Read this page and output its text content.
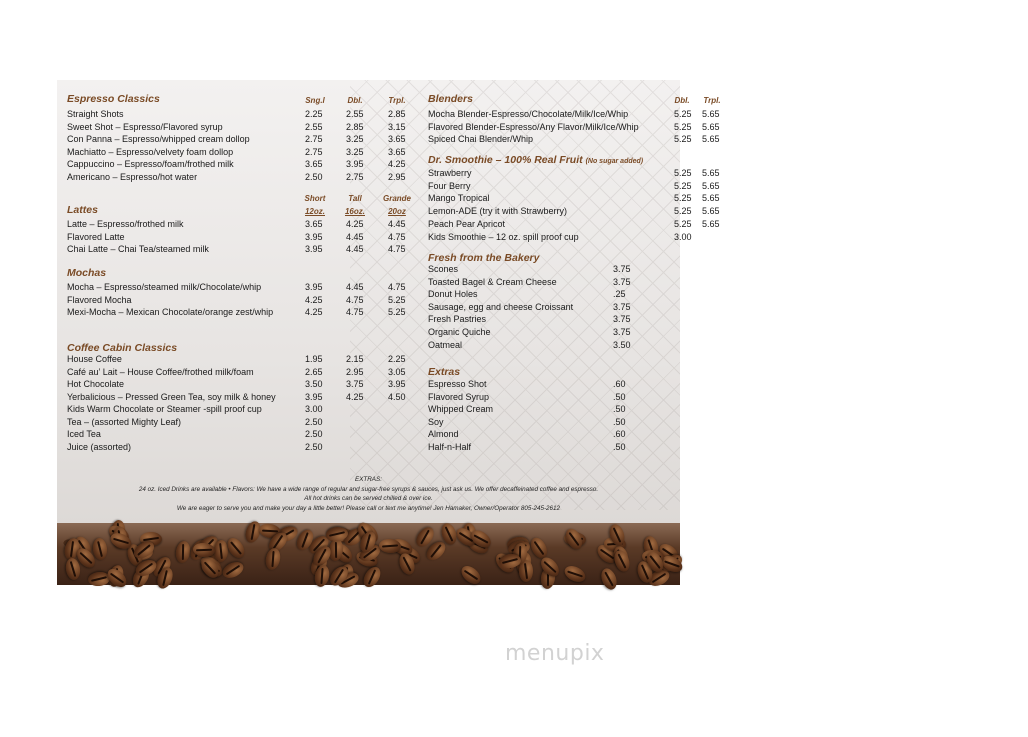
Espresso Classics	Sng.l	Dbl.	Trpl.
Straight Shots	2.25	2.55	2.85
Sweet Shot – Espresso/Flavored syrup	2.55	2.85	3.15
Con Panna – Espresso/whipped cream dollop	2.75	3.25	3.65
Machiatto – Espresso/velvety foam dollop	2.75	3.25	3.65
Cappuccino – Espresso/foam/frothed milk	3.65	3.95	4.25
Americano – Espresso/hot water	2.50	2.75	2.95
Short	Tall	Grande
12oz.	16oz.	20oz
Lattes
Latte – Espresso/frothed milk	3.65	4.25	4.45
Flavored Latte	3.95	4.45	4.75
Chai Latte – Chai Tea/steamed milk	3.95	4.45	4.75
Mochas
Mocha – Espresso/steamed milk/Chocolate/whip	3.95	4.45	4.75
Flavored Mocha	4.25	4.75	5.25
Mexi-Mocha – Mexican Chocolate/orange zest/whip	4.25	4.75	5.25
Coffee Cabin Classics
House Coffee	1.95	2.15	2.25
Café au’ Lait – House Coffee/frothed milk/foam	2.65	2.95	3.05
Hot Chocolate	3.50	3.75	3.95
Yerbalicious – Pressed Green Tea, soy milk & honey	3.95	4.25	4.50
Kids Warm Chocolate or Steamer -spill proof cup	3.00
Tea – (assorted Mighty Leaf)	2.50
Iced Tea	2.50
Juice (assorted)	2.50
Blenders	Dbl.	Trpl.
Mocha Blender-Espresso/Chocolate/Milk/Ice/Whip	5.25 5.65
Flavored Blender-Espresso/Any Flavor/Milk/Ice/Whip	5.25 5.65
Spiced Chai Blender/Whip	5.25 5.65
Dr. Smoothie – 100% Real Fruit (No sugar added)
Strawberry	5.25 5.65
Four Berry	5.25 5.65
Mango Tropical	5.25 5.65
Lemon-ADE (try it with Strawberry)	5.25 5.65
Peach Pear Apricot	5.25 5.65
Kids Smoothie – 12 oz. spill proof cup	3.00
Fresh from the Bakery
Scones	3.75
Toasted Bagel & Cream Cheese	3.75
Donut Holes	.25
Sausage, egg and cheese Croissant	3.75
Fresh Pastries	3.75
Organic Quiche	3.75
Oatmeal	3.50
Extras
Espresso Shot	.60
Flavored Syrup	.50
Whipped Cream	.50
Soy	.50
Almond	.60
Half-n-Half	.50
EXTRAS:
24 oz. Iced Drinks are available • Flavors: We have a wide range of regular and sugar-free syrups & sauces, just ask us. We offer decaffeinated coffee and espresso.
All hot drinks can be served chilled & over ice.
We are eager to serve you and make your day a little better! Please call or text me anytime! Jen Hamaker, Owner/Operator 805-245-2612
menupix
